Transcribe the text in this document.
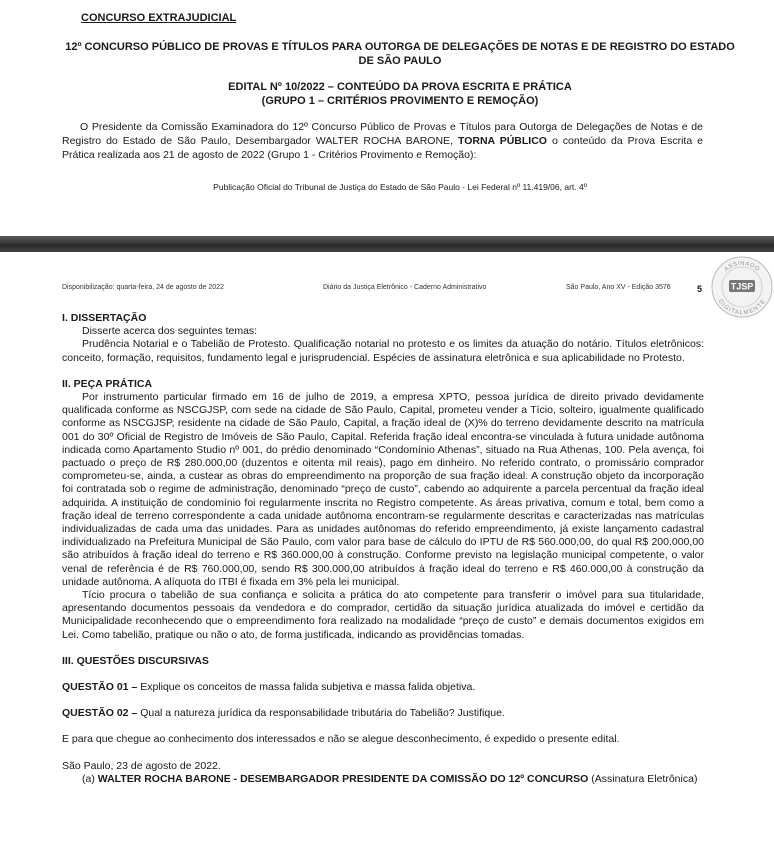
CONCURSO EXTRAJUDICIAL
12º CONCURSO PÚBLICO DE PROVAS E TÍTULOS PARA OUTORGA DE DELEGAÇÕES DE NOTAS E DE REGISTRO DO ESTADO DE SÃO PAULO
EDITAL Nº 10/2022 – CONTEÚDO DA PROVA ESCRITA E PRÁTICA
(GRUPO 1 – CRITÉRIOS PROVIMENTO E REMOÇÃO)
O Presidente da Comissão Examinadora do 12º Concurso Público de Provas e Títulos para Outorga de Delegações de Notas e de Registro do Estado de São Paulo, Desembargador WALTER ROCHA BARONE, TORNA PÚBLICO o conteúdo da Prova Escrita e Prática realizada aos 21 de agosto de 2022 (Grupo 1 - Critérios Provimento e Remoção):
Publicação Oficial do Tribunal de Justiça do Estado de São Paulo - Lei Federal nº 11.419/06, art. 4º
Disponibilização: quarta-feira, 24 de agosto de 2022	Diário da Justiça Eletrônico - Caderno Administrativo	São Paulo, Ano XV - Edição 3576	5
ASSINADO
DIGITALMENTE
TJSP

I. DISSERTAÇÃO

Disserte acerca dos seguintes temas:

Prudência Notarial e o Tabelião de Protesto. Qualificação notarial no protesto e os limites da atuação do notário. Títulos eletrônicos: conceito, formação, requisitos, fundamento legal e jurisprudencial. Espécies de assinatura eletrônica e sua aplicabilidade no Protesto.

II. PEÇA PRÁTICA

Por instrumento particular firmado em 16 de julho de 2019, a empresa XPTO, pessoa jurídica de direito privado devidamente qualificada conforme as NSCGJSP, com sede na cidade de São Paulo, Capital, prometeu vender a Tício, solteiro, igualmente qualificado conforme as NSCGJSP, residente na cidade de São Paulo, Capital, a fração ideal de (X)% do terreno devidamente descrito na matrícula 001 do 30º Oficial de Registro de Imóveis de São Paulo, Capital. Referida fração ideal encontra-se vinculada à futura unidade autônoma indicada como Apartamento Studio nº 001, do prédio denominado “Condomínio Athenas”, situado na Rua Athenas, 100. Pela avença, foi pactuado o preço de R$ 280.000,00 (duzentos e oitenta mil reais), pago em dinheiro. No referido contrato, o promissário comprador comprometeu-se, ainda, a custear as obras do empreendimento na proporção de sua fração ideal. A construção objeto da incorporação foi contratada sob o regime de administração, denominado “preço de custo”, cabendo ao adquirente a parcela percentual da fração ideal adquirida. A instituição de condomínio foi regularmente inscrita no Registro competente. As áreas privativa, comum e total, bem como a fração ideal de terreno correspondente a cada unidade autônoma encontram-se regularmente descritas e caracterizadas nas matrículas individualizadas de cada uma das unidades. Para as unidades autônomas do referido empreendimento, já existe lançamento cadastral individualizado na Prefeitura Municipal de São Paulo, com valor para base de cálculo do IPTU de R$ 560.000,00, do qual R$ 200.000,00 são atribuídos à fração ideal do terreno e R$ 360.000,00 à construção. Conforme previsto na legislação municipal competente, o valor venal de referência é de R$ 760.000,00, sendo R$ 300.000,00 atribuídos à fração ideal do terreno e R$ 460.000,00 à construção da unidade autônoma. A alíquota do ITBI é fixada em 3% pela lei municipal.

Tício procura o tabelião de sua confiança e solicita a prática do ato competente para transferir o imóvel para sua titularidade, apresentando documentos pessoais da vendedora e do comprador, certidão da situação jurídica atualizada do imóvel e certidão da Municipalidade reconhecendo que o empreendimento fora realizado na modalidade “preço de custo” e demais documentos exigidos em Lei. Como tabelião, pratique ou não o ato, de forma justificada, indicando as providências tomadas.

III. QUESTÕES DISCURSIVAS

QUESTÃO 01 – Explique os conceitos de massa falida subjetiva e massa falida objetiva.

QUESTÃO 02 – Qual a natureza jurídica da responsabilidade tributária do Tabelião? Justifique.

E para que chegue ao conhecimento dos interessados e não se alegue desconhecimento, é expedido o presente edital.

São Paulo, 23 de agosto de 2022.

(a) WALTER ROCHA BARONE - DESEMBARGADOR PRESIDENTE DA COMISSÃO DO 12º CONCURSO (Assinatura Eletrônica)
